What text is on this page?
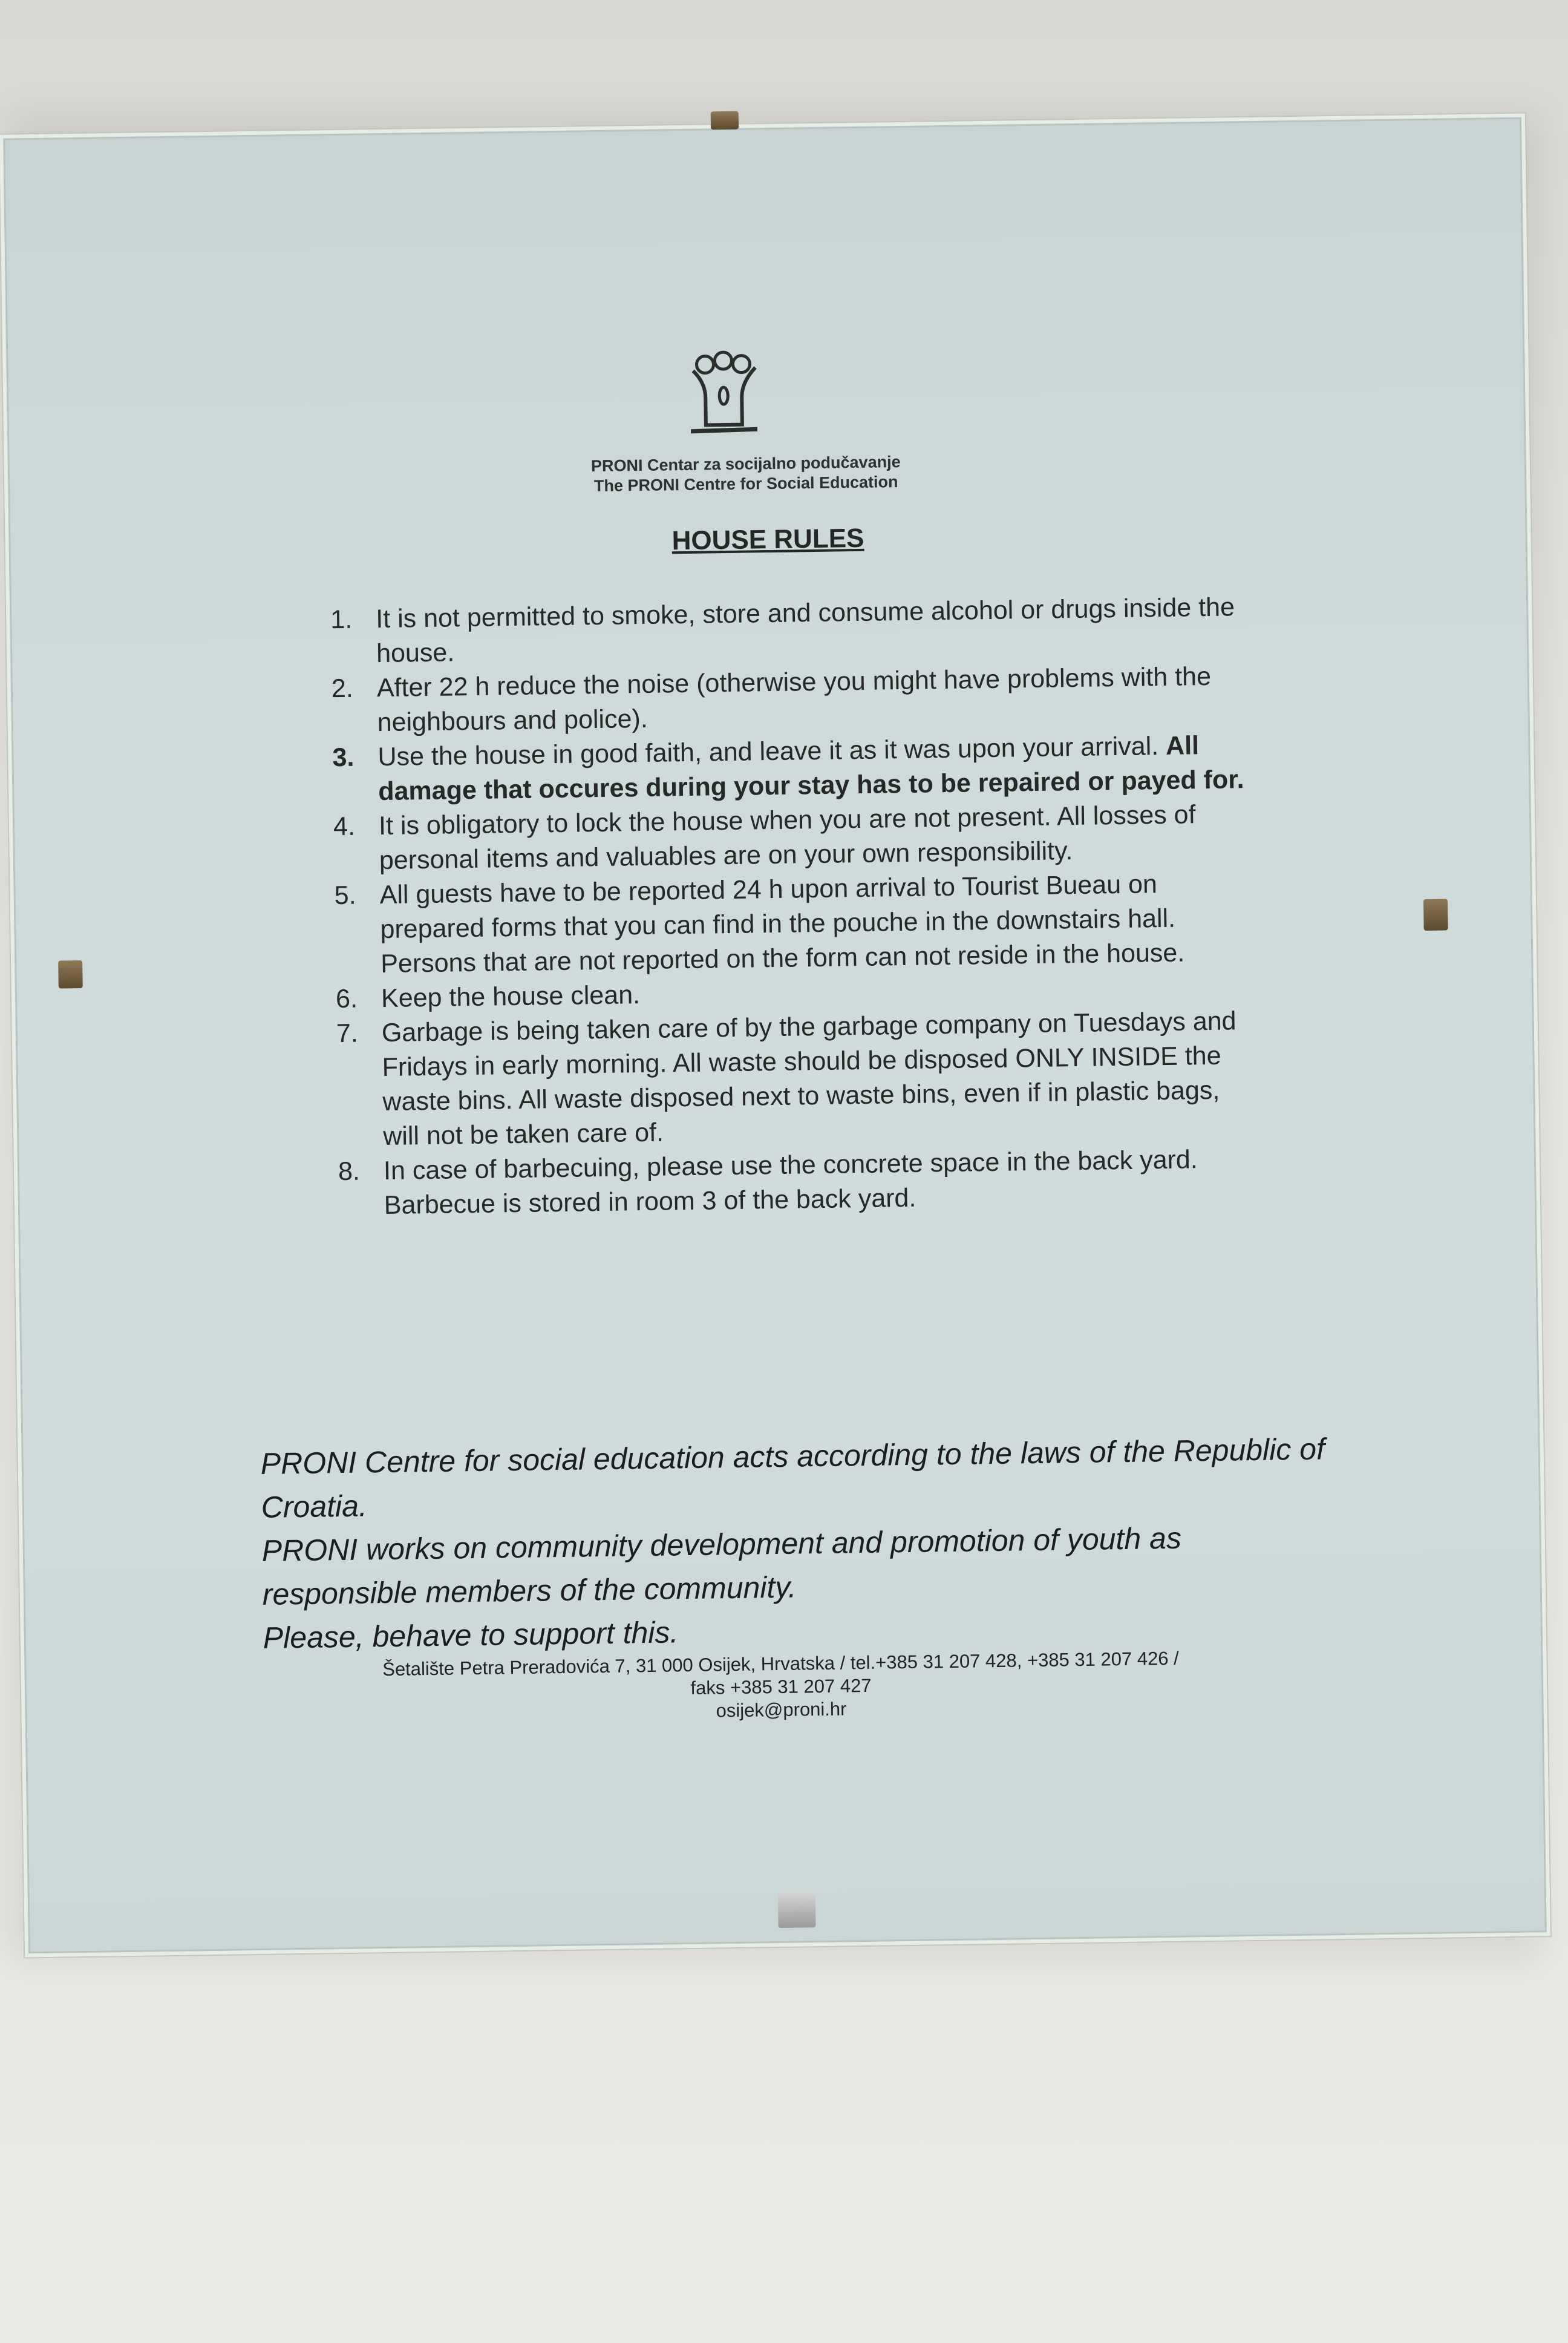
PRONI Centar za socijalno podučavanje
The PRONI Centre for Social Education
HOUSE RULES
1. It is not permitted to smoke, store and consume alcohol or drugs inside the house.
2. After 22 h reduce the noise (otherwise you might have problems with the neighbours and police).
3. Use the house in good faith, and leave it as it was upon your arrival. All damage that occures during your stay has to be repaired or payed for.
4. It is obligatory to lock the house when you are not present. All losses of personal items and valuables are on your own responsibility.
5. All guests have to be reported 24 h upon arrival to Tourist Bueau on prepared forms that you can find in the pouche in the downstairs hall. Persons that are not reported on the form can not reside in the house.
6. Keep the house clean.
7. Garbage is being taken care of by the garbage company on Tuesdays and Fridays in early morning. All waste should be disposed ONLY INSIDE the waste bins. All waste disposed next to waste bins, even if in plastic bags, will not be taken care of.
8. In case of barbecuing, please use the concrete space in the back yard. Barbecue is stored in room 3 of the back yard.

PRONI Centre for social education acts according to the laws of the Republic of Croatia.

PRONI works on community development and promotion of youth as responsible members of the community.

Please, behave to support this.

Šetalište Petra Preradovića 7, 31 000 Osijek, Hrvatska / tel.+385 31 207 428, +385 31 207 426 /
faks +385 31 207 427
osijek@proni.hr
